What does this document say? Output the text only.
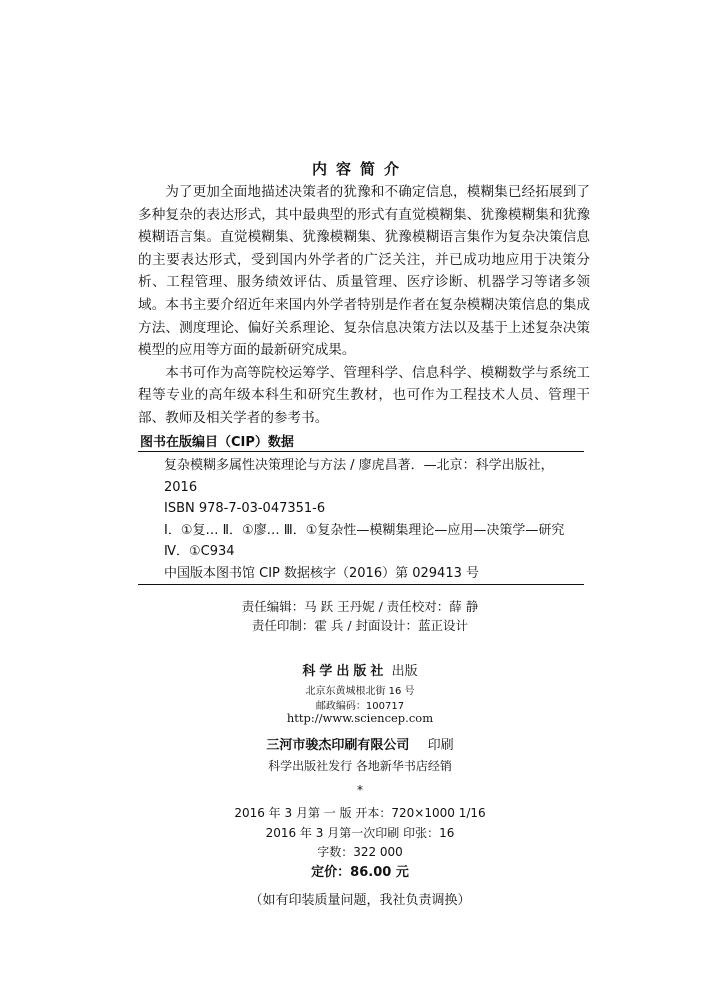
内容简介

为了更加全面地描述决策者的犹豫和不确定信息，模糊集已经拓展到了多种复杂的表达形式，其中最典型的形式有直觉模糊集、犹豫模糊集和犹豫模糊语言集。直觉模糊集、犹豫模糊集、犹豫模糊语言集作为复杂决策信息的主要表达形式，受到国内外学者的广泛关注，并已成功地应用于决策分析、工程管理、服务绩效评估、质量管理、医疗诊断、机器学习等诸多领域。本书主要介绍近年来国内外学者特别是作者在复杂模糊决策信息的集成方法、测度理论、偏好关系理论、复杂信息决策方法以及基于上述复杂决策模型的应用等方面的最新研究成果。

本书可作为高等院校运筹学、管理科学、信息科学、模糊数学与系统工程等专业的高年级本科生和研究生教材，也可作为工程技术人员、管理干部、教师及相关学者的参考书。

图书在版编目（CIP）数据
复杂模糊多属性决策理论与方法 / 廖虎昌著．—北京：科学出版社，2016
ISBN 978-7-03-047351-6
Ⅰ．①复… Ⅱ．①廖… Ⅲ．①复杂性—模糊集理论—应用—决策学—研究 Ⅳ．①C934
中国版本图书馆 CIP 数据核字（2016）第 029413 号
责任编辑：马 跃 王丹妮 / 责任校对：薛 静
责任印制：霍 兵 / 封面设计：蓝正设计
科学出版社 出版
北京东黄城根北街 16 号
邮政编码：100717
http://www.sciencep.com
三河市骏杰印刷有限公司 印刷
科学出版社发行 各地新华书店经销
*
2016 年 3 月第 一 版 开本：720×1000 1/16
2016 年 3 月第一次印刷 印张：16
字数：322 000
定价：86.00 元
（如有印装质量问题，我社负责调换）
